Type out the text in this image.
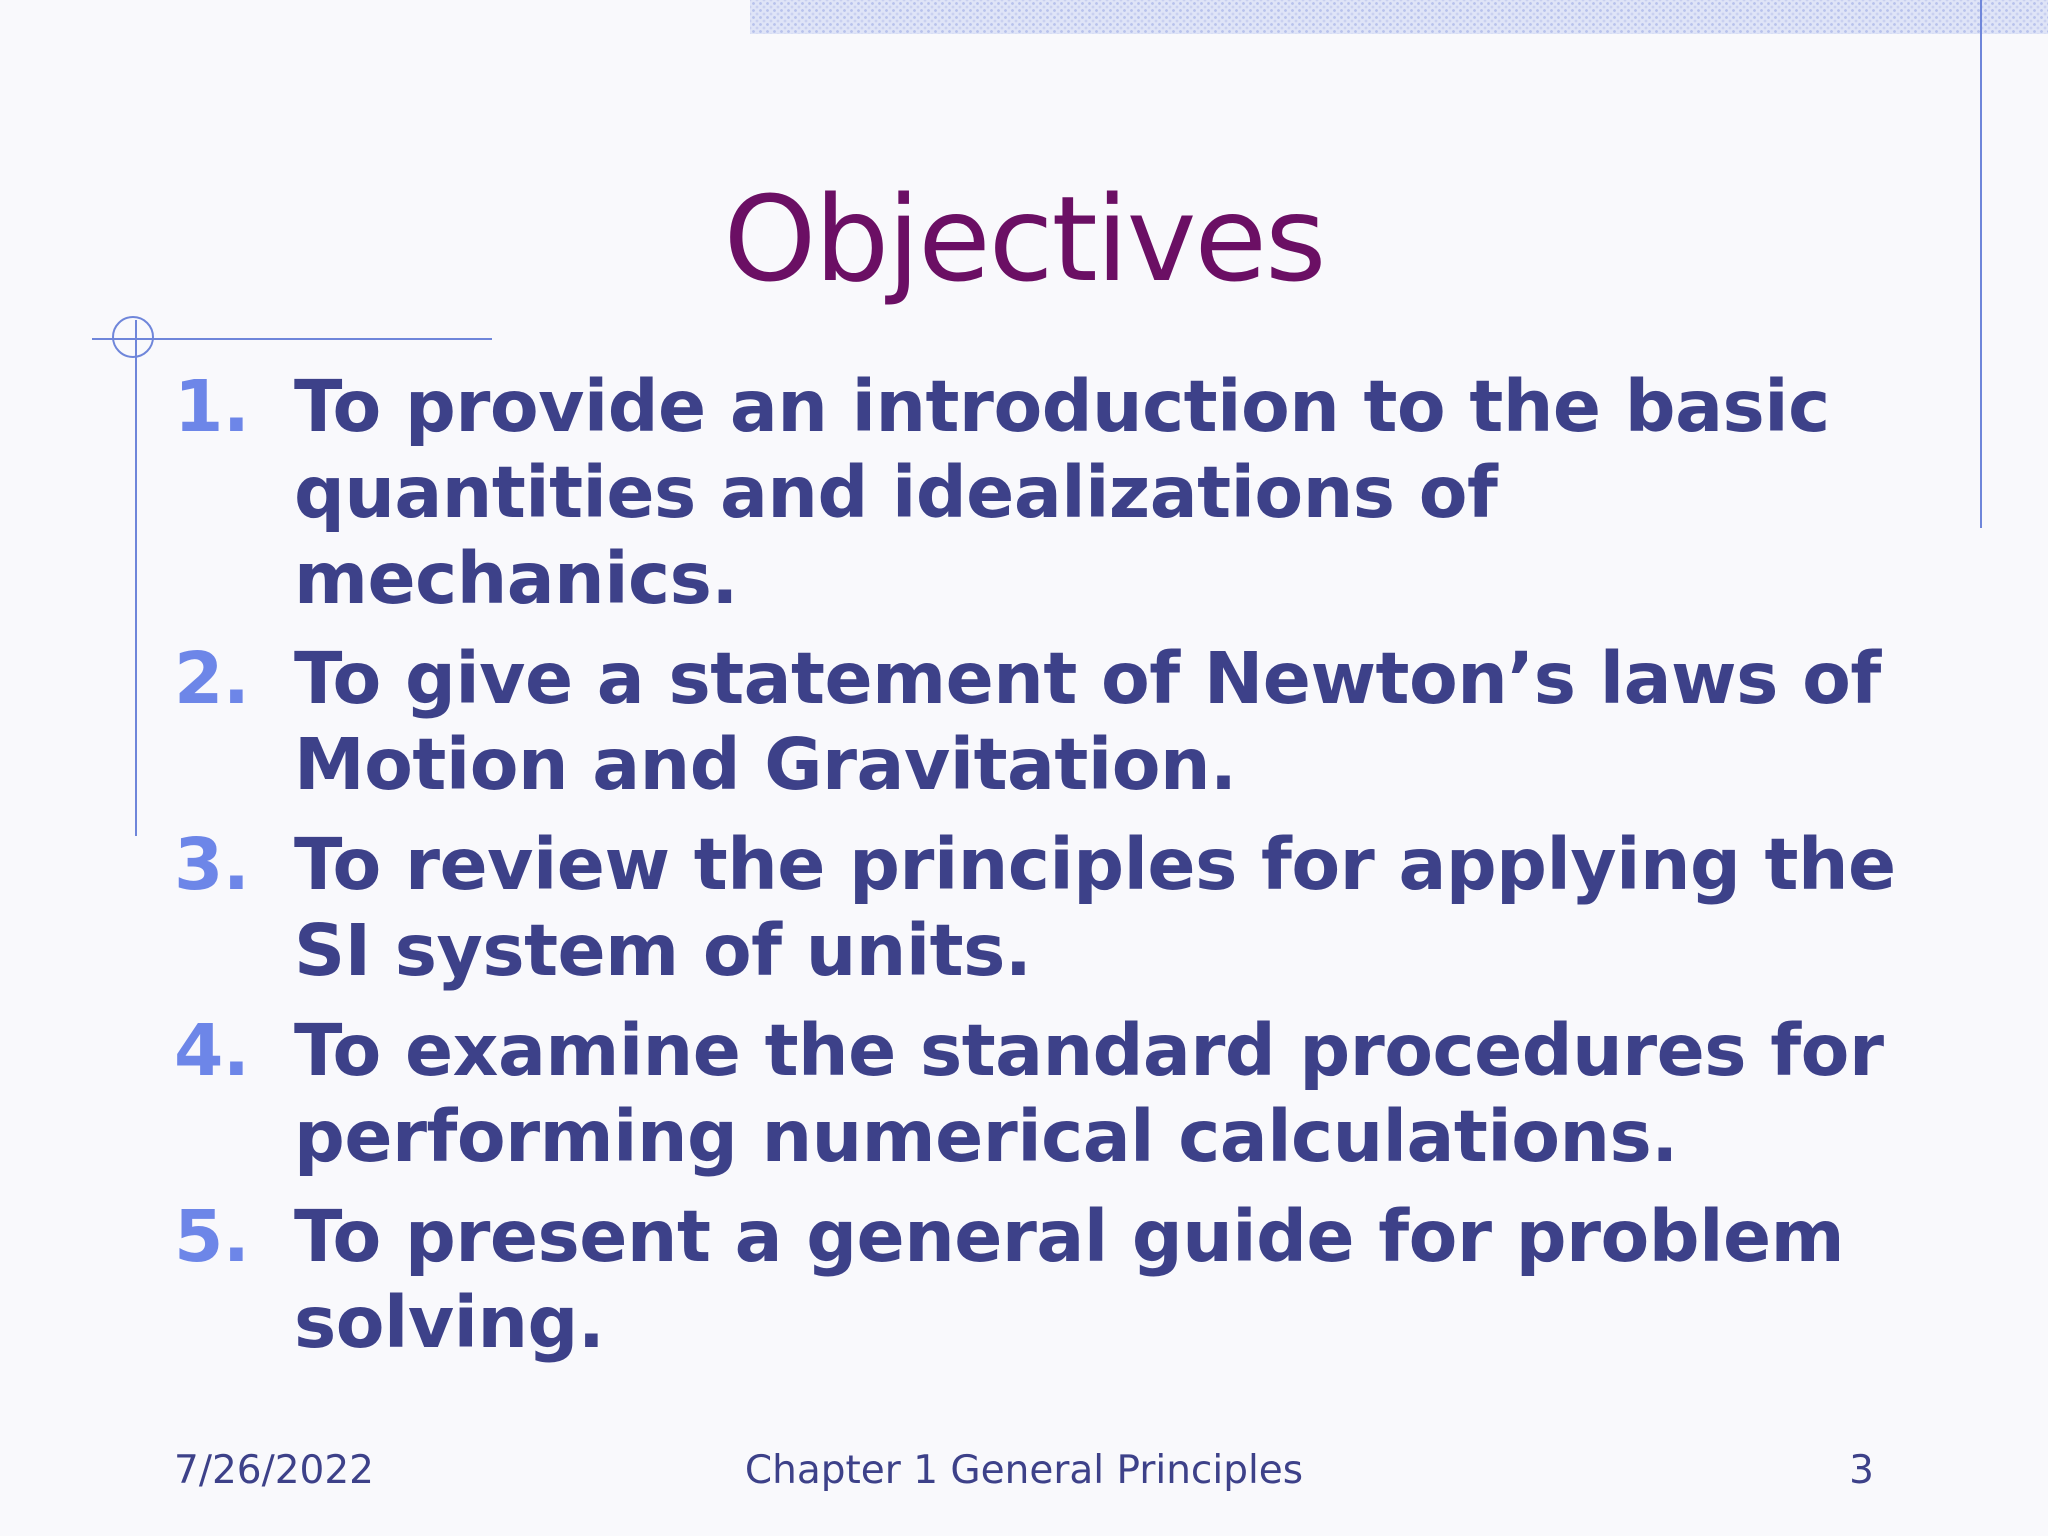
Objectives
1. To provide an introduction to the basic quantities and idealizations of mechanics.
2. To give a statement of Newton’s laws of Motion and Gravitation.
3. To review the principles for applying the SI system of units.
4. To examine the standard procedures for performing numerical calculations.
5. To present a general guide for problem solving.
Chapter 1 General Principles
7/26/2022	3
